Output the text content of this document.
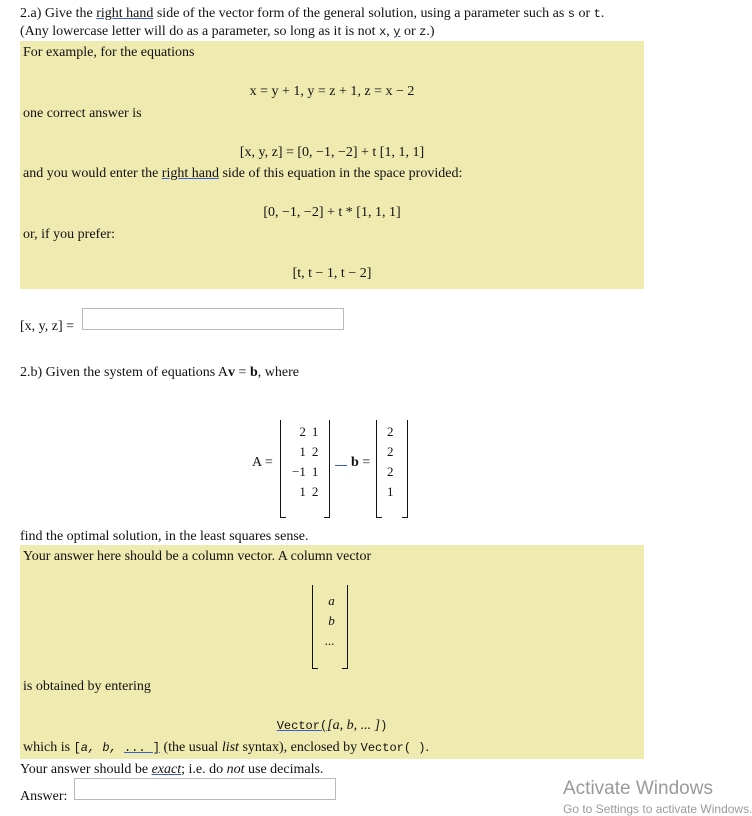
2.a) Give the right hand side of the vector form of the general solution, using a parameter such as s or t.
(Any lowercase letter will do as a parameter, so long as it is not x, y or z.)
For example, for the equations
x = y + 1, y = z + 1, z = x − 2
one correct answer is
[x, y, z] = [0, −1, −2] + t [1, 1, 1]
and you would enter the right hand side of this equation in the space provided:
[0, −1, −2] + t * [1, 1, 1]
or, if you prefer:
[t, t − 1, t − 2]
[x, y, z] =
2.b) Given the system of equations Av = b, where
A =
2	1
1	2
−1	1
1	2
b =
2
2
2
1
find the optimal solution, in the least squares sense.
Your answer here should be a column vector. A column vector
a
b
...
is obtained by entering
Vector([a, b, ... ])
which is [a, b, ... ] (the usual list syntax), enclosed by Vector( ).
Your answer should be exact; i.e. do not use decimals.
Answer:	Activate Windows
Go to Settings to activate Windows.
